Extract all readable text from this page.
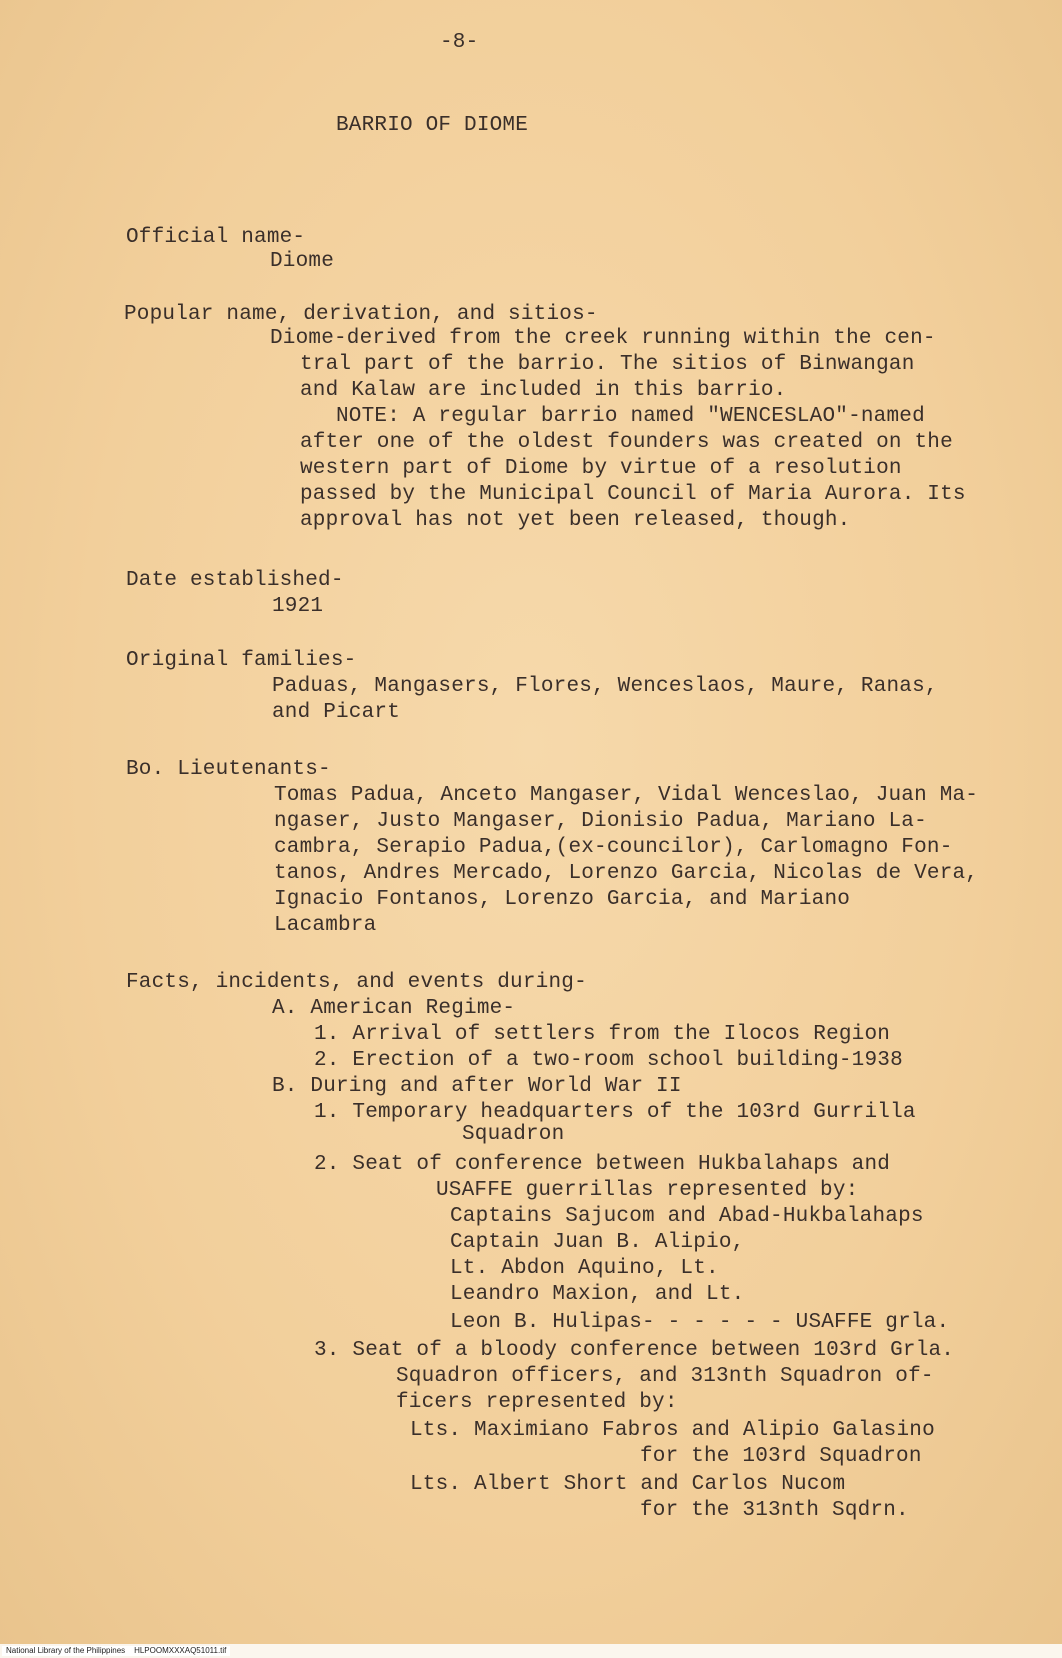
-8-
BARRIO OF DIOME
Official name-
Diome
Popular name, derivation, and sitios-
Diome-derived from the creek running within the cen-
tral part of the barrio. The sitios of Binwangan
and Kalaw are included in this barrio.
NOTE: A regular barrio named "WENCESLAO"-named
after one of the oldest founders was created on the
western part of Diome by virtue of a resolution
passed by the Municipal Council of Maria Aurora. Its
approval has not yet been released, though.
Date established-
1921
Original families-
Paduas, Mangasers, Flores, Wenceslaos, Maure, Ranas,
and Picart
Bo. Lieutenants-
Tomas Padua, Anceto Mangaser, Vidal Wenceslao, Juan Ma-
ngaser, Justo Mangaser, Dionisio Padua, Mariano La-
cambra, Serapio Padua,(ex-councilor), Carlomagno Fon-
tanos, Andres Mercado, Lorenzo Garcia, Nicolas de Vera,
Ignacio Fontanos, Lorenzo Garcia, and Mariano
Lacambra
Facts, incidents, and events during-
A. American Regime-
1. Arrival of settlers from the Ilocos Region
2. Erection of a two-room school building-1938
B. During and after World War II
1. Temporary headquarters of the 103rd Gurrilla
Squadron
2. Seat of conference between Hukbalahaps and
USAFFE guerrillas represented by:
Captains Sajucom and Abad-Hukbalahaps
Captain Juan B. Alipio,
Lt. Abdon Aquino, Lt.
Leandro Maxion, and Lt.
Leon B. Hulipas- - - - - - USAFFE grla.
3. Seat of a bloody conference between 103rd Grla.
Squadron officers, and 313nth Squadron of-
ficers represented by:
Lts. Maximiano Fabros and Alipio Galasino
for the 103rd Squadron
Lts. Albert Short and Carlos Nucom
for the 313nth Sqdrn.
National Library of the Philippines    HLPOOMXXXAQ51011.tif
